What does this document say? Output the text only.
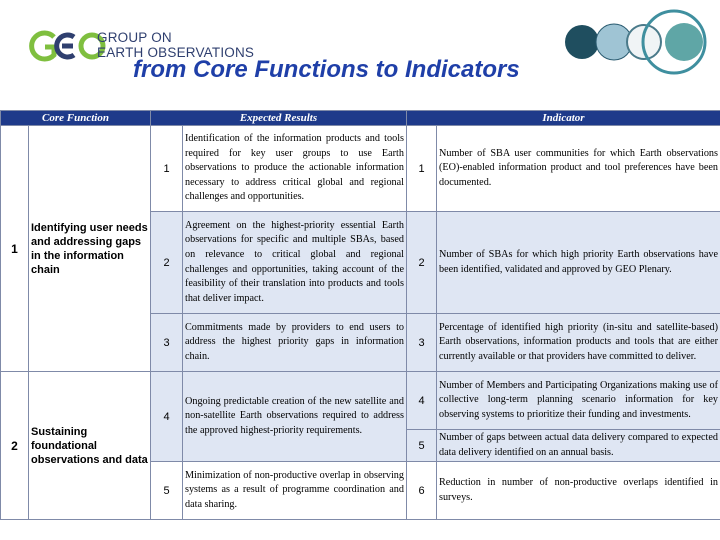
GROUP ON
EARTH OBSERVATIONS
from Core Functions to Indicators
Core Function		Expected Results		Indicator	
1	Identifying user needs and addressing gaps in the information chain	1	Identification of the information products and tools required for key user groups to use Earth observations to produce the actionable information necessary to address critical global and regional challenges and opportunities.	1	Number of SBA user communities for which Earth observations (EO)-enabled information product and tool preferences have been documented.
		2	Agreement on the highest-priority essential Earth observations for specific and multiple SBAs, based on relevance to critical global and regional challenges and opportunities, taking account of the feasibility of their translation into products and tools that deliver impact.	2	Number of SBAs for which high priority Earth observations have been identified, validated and approved by GEO Plenary.
		3	Commitments made by providers to end users to address the highest priority gaps in information chain.	3	Percentage of identified high priority (in-situ and satellite-based) Earth observations, information products and tools that are either currently available or that providers have committed to deliver.
2	Sustaining foundational observations and data	4	Ongoing predictable creation of the new satellite and non-satellite Earth observations required to address the approved highest-priority requirements.	4	Number of Members and Participating Organizations making use of collective long-term planning scenario information for key observing systems to prioritize their funding and investments.
				5	Number of gaps between actual data delivery compared to expected data delivery identified on an annual basis.
		5	Minimization of non-productive overlap in observing systems as a result of programme coordination and data sharing.	6	Reduction in number of non-productive overlaps identified in surveys.
